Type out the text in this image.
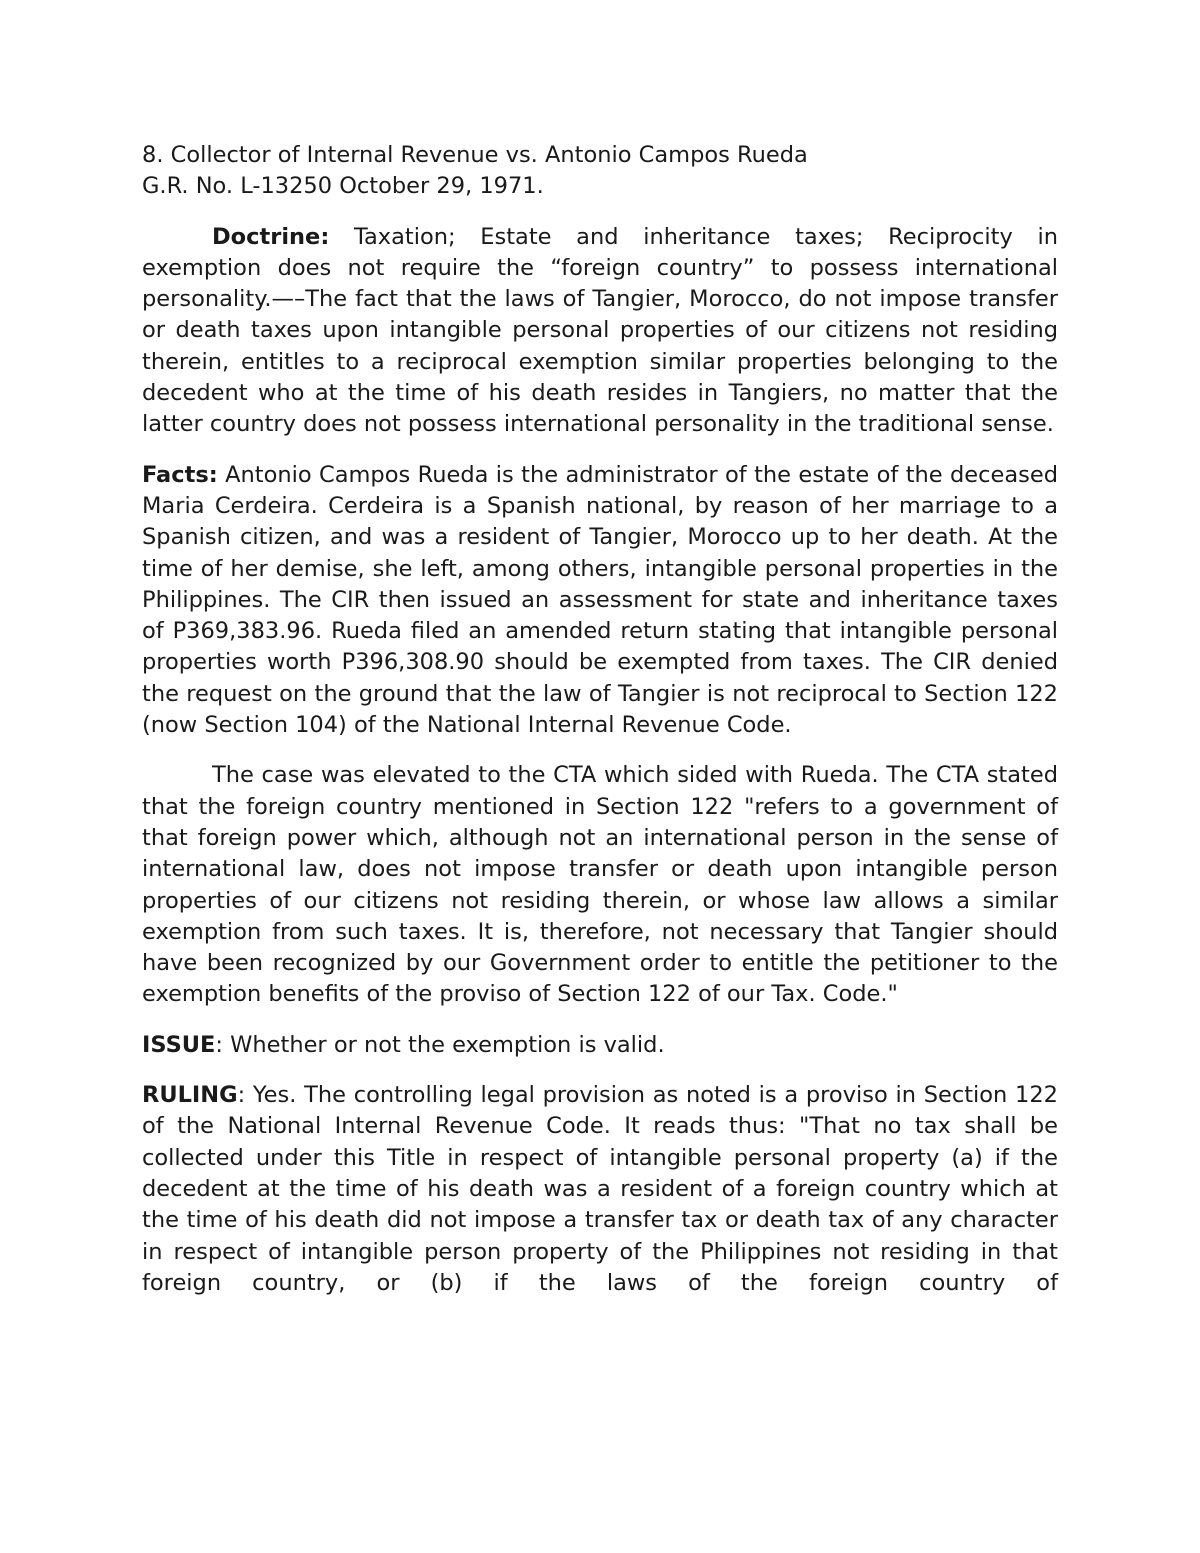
8. Collector of Internal Revenue vs. Antonio Campos Rueda

G.R. No. L-13250 October 29, 1971.

Doctrine: Taxation; Estate and inheritance taxes; Reciprocity in exemption does not require the “foreign country” to possess international personality.—–The fact that the laws of Tangier, Morocco, do not impose transfer or death taxes upon intangible personal properties of our citizens not residing therein, entitles to a reciprocal exemption similar properties belonging to the decedent who at the time of his death resides in Tangiers, no matter that the latter country does not possess international personality in the traditional sense.

Facts: Antonio Campos Rueda is the administrator of the estate of the deceased Maria Cerdeira. Cerdeira is a Spanish national, by reason of her marriage to a Spanish citizen, and was a resident of Tangier, Morocco up to her death. At the time of her demise, she left, among others, intangible personal properties in the Philippines. The CIR then issued an assessment for state and inheritance taxes of P369,383.96. Rueda filed an amended return stating that intangible personal properties worth P396,308.90 should be exempted from taxes. The CIR denied the request on the ground that the law of Tangier is not reciprocal to Section 122 (now Section 104) of the National Internal Revenue Code.

The case was elevated to the CTA which sided with Rueda. The CTA stated that the foreign country mentioned in Section 122 "refers to a government of that foreign power which, although not an international person in the sense of international law, does not impose transfer or death upon intangible person properties of our citizens not residing therein, or whose law allows a similar exemption from such taxes. It is, therefore, not necessary that Tangier should have been recognized by our Government order to entitle the petitioner to the exemption benefits of the proviso of Section 122 of our Tax. Code."

ISSUE: Whether or not the exemption is valid.

RULING: Yes. The controlling legal provision as noted is a proviso in Section 122 of the National Internal Revenue Code. It reads thus: "That no tax shall be collected under this Title in respect of intangible personal property (a) if the decedent at the time of his death was a resident of a foreign country which at the time of his death did not impose a transfer tax or death tax of any character in respect of intangible person property of the Philippines not residing in that foreign country, or (b) if the laws of the foreign country of
